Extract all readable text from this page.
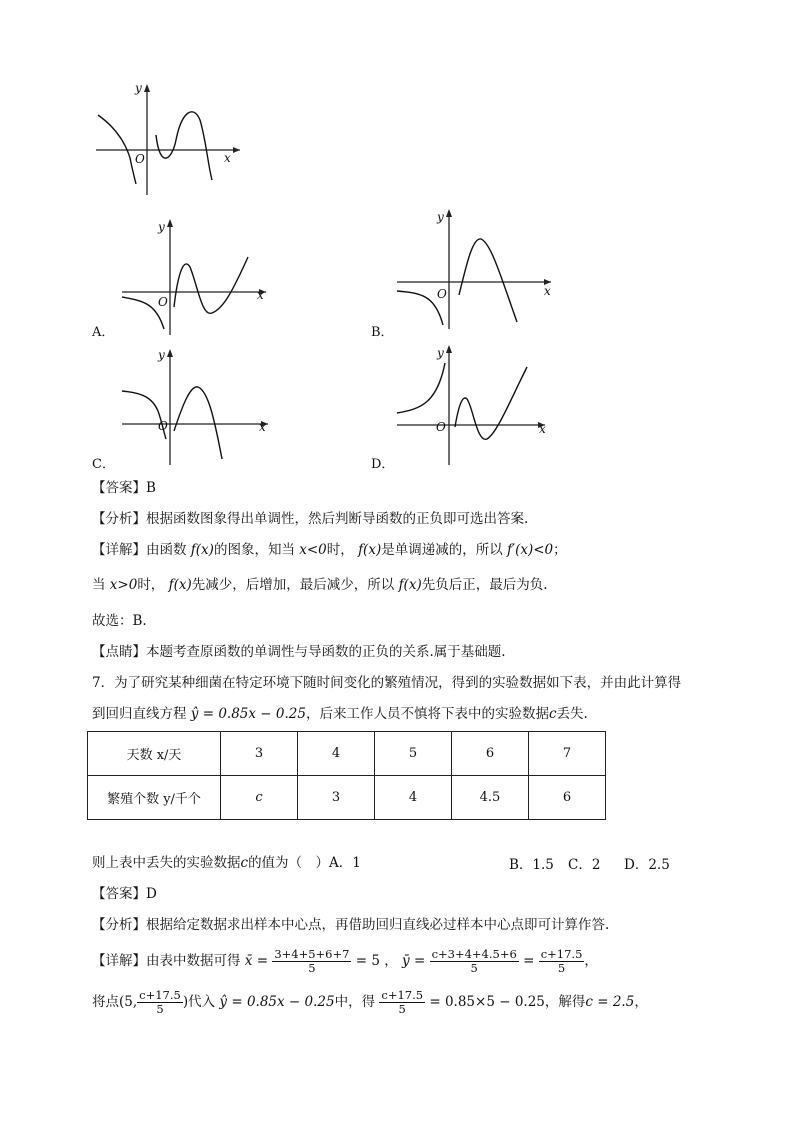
y
x
O
y
x
O
A．
y
x
O
B．
y
x
O
C．
y
x
O
D．
【答案】B
【分析】根据函数图象得出单调性，然后判断导函数的正负即可选出答案.
【详解】由函数 f(x)的图象，知当 x<0时， f(x)是单调递减的，所以 f′(x)<0；
当 x>0时， f(x)先减少，后增加，最后减少，所以 f(x)先负后正，最后为负.
故选：B.
【点睛】本题考查原函数的单调性与导函数的正负的关系.属于基础题.
7．为了研究某种细菌在特定环境下随时间变化的繁殖情况，得到的实验数据如下表，并由此计算得
到回归直线方程 ŷ = 0.85x − 0.25，后来工作人员不慎将下表中的实验数据c丢失.
天数 x/天	3	4	5	6	7
繁殖个数 y/千个	c	3	4	4.5	6
则上表中丢失的实验数据c的值为（　）A．1	B．1.5 C．2 D．2.5
【答案】D
【分析】根据给定数据求出样本中心点，再借助回归直线必过样本中心点即可计算作答.
【详解】由表中数据可得 x̄ = $\frac{3+4+5+6+7}{5} = 5$ ， ȳ = $\frac{c+3+4+4.5+6}{5} = \frac{c+17.5}{5}$ ，
将点(5, $\frac{c+17.5}{5}$ )代入 ŷ = 0.85x − 0.25中，得 $\frac{c+17.5}{5} = 0.85\times 5 - 0.25$，解得c = 2.5，
